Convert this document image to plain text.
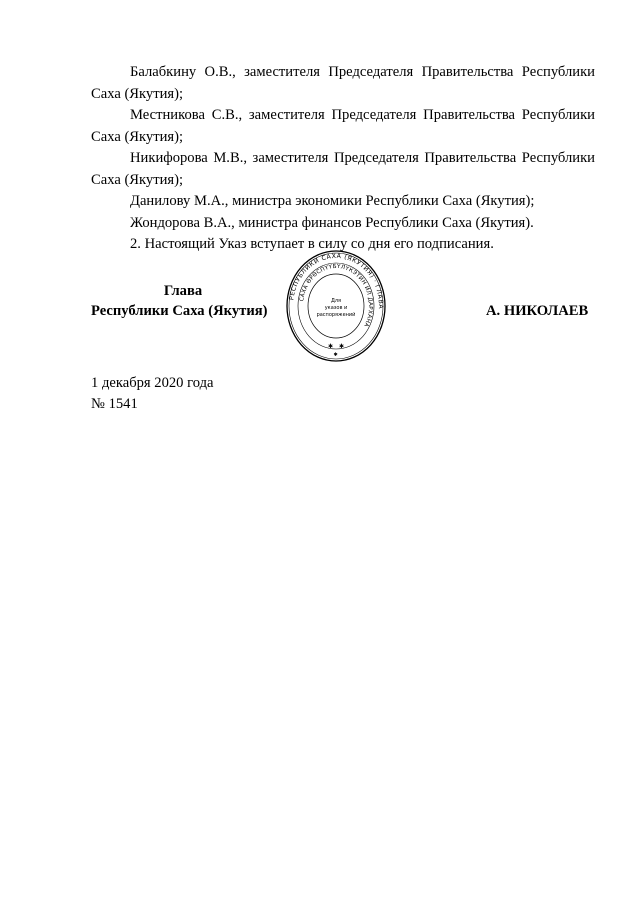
Балабкину О.В., заместителя Председателя Правительства Республики Саха (Якутия);

Местникова С.В., заместителя Председателя Правительства Республики Саха (Якутия);

Никифорова М.В., заместителя Председателя Правительства Республики Саха (Якутия);

Данилову М.А., министра экономики Республики Саха (Якутия);

Жондорова В.А., министра финансов Республики Саха (Якутия).

2. Настоящий Указ вступает в силу со дня его подписания.

Глава
Республики Саха (Якутия)	А. НИКОЛАЕВ
РЕСПУБЛИКИ САХА (ЯКУТИЯ) · ГЛАВА
САХА ӨРӨСПҮҮБҮЛҮКЭТИН ИЛ ДАРХАНА
Для
указов и
распоряжений
✱ ✱
✱
1 декабря 2020 года
№ 1541
